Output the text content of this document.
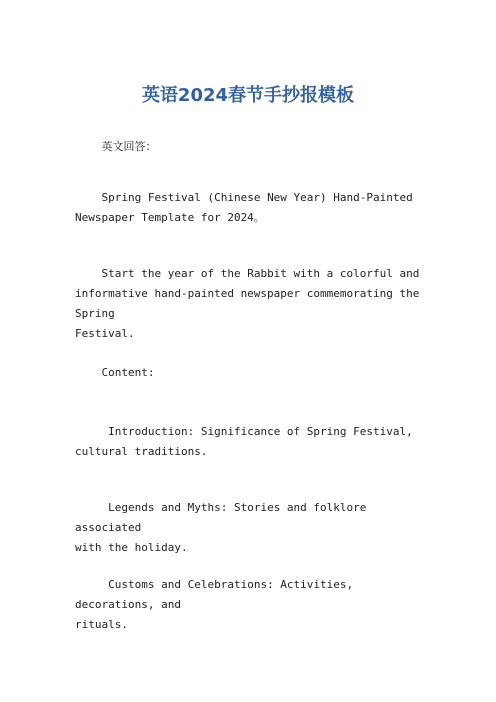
英语2024春节手抄报模板
英文回答：
Spring Festival (Chinese New Year) Hand-Painted
Newspaper Template for 2024。
Start the year of the Rabbit with a colorful and
informative hand-painted newspaper commemorating the Spring
Festival.
Content:
Introduction: Significance of Spring Festival,
cultural traditions.
Legends and Myths: Stories and folklore associated
with the holiday.
Customs and Celebrations: Activities, decorations, and
rituals.
